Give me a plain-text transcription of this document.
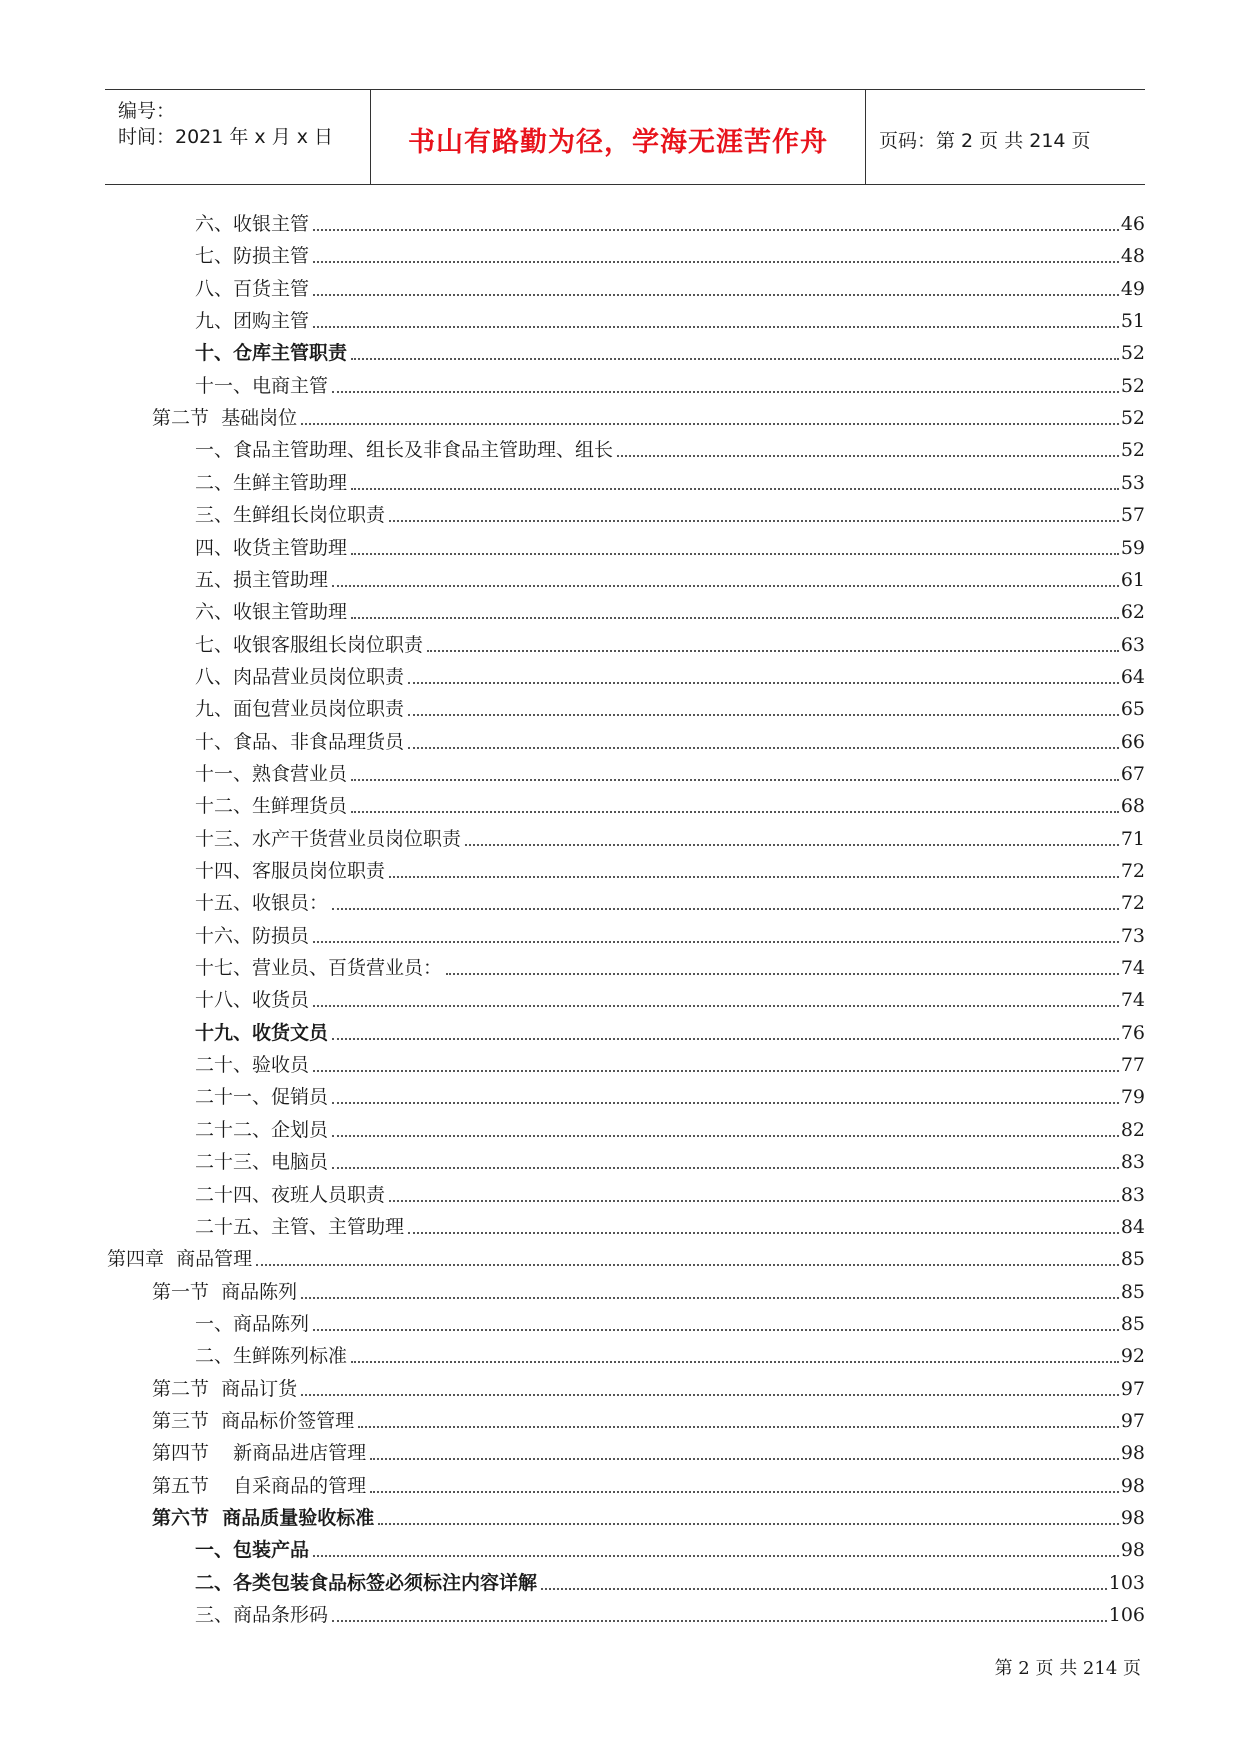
编号：
时间：2021 年 x 月 x 日	书山有路勤为径，学海无涯苦作舟	页码：第 2 页 共 214 页
六、收银主管	46
七、防损主管	48
八、百货主管	49
九、团购主管	51
十、仓库主管职责	52
十一、电商主管	52
第二节  基础岗位	52
一、食品主管助理、组长及非食品主管助理、组长	52
二、生鲜主管助理	53
三、生鲜组长岗位职责	57
四、收货主管助理	59
五、损主管助理	61
六、收银主管助理	62
七、收银客服组长岗位职责	63
八、肉品营业员岗位职责	64
九、面包营业员岗位职责	65
十、食品、非食品理货员	66
十一、熟食营业员	67
十二、生鲜理货员	68
十三、水产干货营业员岗位职责	71
十四、客服员岗位职责	72
十五、收银员：	72
十六、防损员	73
十七、营业员、百货营业员：	74
十八、收货员	74
十九、收货文员	76
二十、验收员	77
二十一、促销员	79
二十二、企划员	82
二十三、电脑员	83
二十四、夜班人员职责	83
二十五、主管、主管助理	84
第四章  商品管理	85
第一节  商品陈列	85
一、商品陈列	85
二、生鲜陈列标准	92
第二节  商品订货	97
第三节  商品标价签管理	97
第四节    新商品进店管理	98
第五节    自采商品的管理	98
第六节  商品质量验收标准	98
一、包装产品	98
二、各类包装食品标签必须标注内容详解	103
三、商品条形码	106
第 2 页 共 214 页
